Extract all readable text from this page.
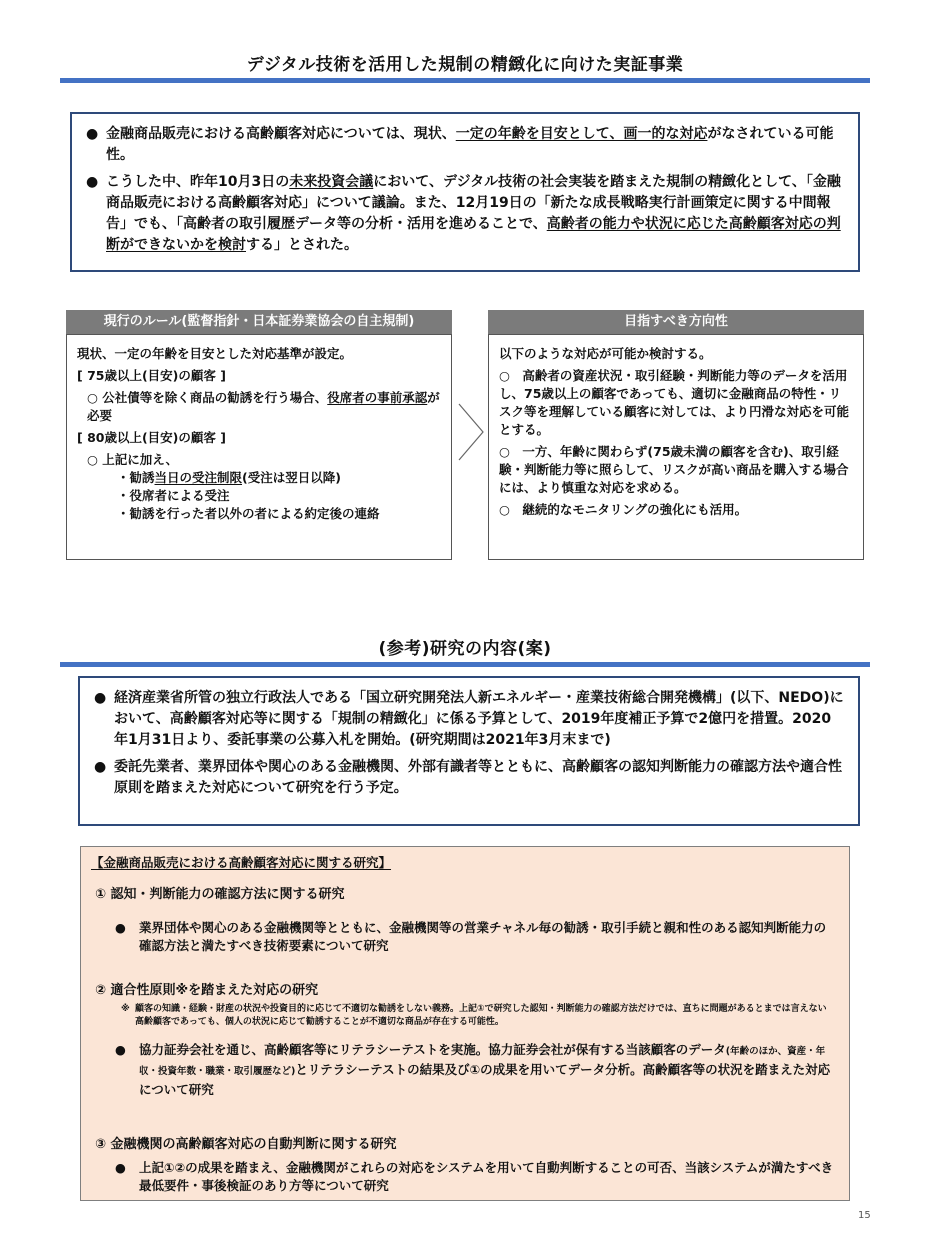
デジタル技術を活用した規制の精緻化に向けた実証事業
● 金融商品販売における高齢顧客対応については、現状、一定の年齢を目安として、画一的な対応がなされている可能性。
● こうした中、昨年10月3日の未来投資会議において、デジタル技術の社会実装を踏まえた規制の精緻化として、「金融商品販売における高齢顧客対応」について議論。また、12月19日の「新たな成長戦略実行計画策定に関する中間報告」でも、「高齢者の取引履歴データ等の分析・活用を進めることで、高齢者の能力や状況に応じた高齢顧客対応の判断ができないかを検討する」とされた。
現行のルール(監督指針・日本証券業協会の自主規制)

現状、一定の年齢を目安とした対応基準が設定。

[ 75歳以上(目安)の顧客 ]

○ 公社債等を除く商品の勧誘を行う場合、役席者の事前承認が必要

[ 80歳以上(目安)の顧客 ]

○ 上記に加え、

・勧誘当日の受注制限(受注は翌日以降)

・役席者による受注

・勧誘を行った者以外の者による約定後の連絡

目指すべき方向性

以下のような対応が可能か検討する。

○　高齢者の資産状況・取引経験・判断能力等のデータを活用し、75歳以上の顧客であっても、適切に金融商品の特性・リスク等を理解している顧客に対しては、より円滑な対応を可能とする。

○　一方、年齢に関わらず(75歳未満の顧客を含む)、取引経験・判断能力等に照らして、リスクが高い商品を購入する場合には、より慎重な対応を求める。

○　継続的なモニタリングの強化にも活用。

(参考)研究の内容(案)
● 経済産業省所管の独立行政法人である「国立研究開発法人新エネルギー・産業技術総合開発機構」(以下、NEDO)において、高齢顧客対応等に関する「規制の精緻化」に係る予算として、2019年度補正予算で2億円を措置。2020年1月31日より、委託事業の公募入札を開始。(研究期間は2021年3月末まで)
● 委託先業者、業界団体や関心のある金融機関、外部有識者等とともに、高齢顧客の認知判断能力の確認方法や適合性原則を踏まえた対応について研究を行う予定。
【金融商品販売における高齢顧客対応に関する研究】
① 認知・判断能力の確認方法に関する研究
● 業界団体や関心のある金融機関等とともに、金融機関等の営業チャネル毎の勧誘・取引手続と親和性のある認知判断能力の確認方法と満たすべき技術要素について研究
② 適合性原則※を踏まえた対応の研究
※ 顧客の知識・経験・財産の状況や投資目的に応じて不適切な勧誘をしない義務。上記①で研究した認知・判断能力の確認方法だけでは、直ちに問題があるとまでは言えない高齢顧客であっても、個人の状況に応じて勧誘することが不適切な商品が存在する可能性。
● 協力証券会社を通じ、高齢顧客等にリテラシーテストを実施。協力証券会社が保有する当該顧客のデータ(年齢のほか、資産・年収・投資年数・職業・取引履歴など)とリテラシーテストの結果及び①の成果を用いてデータ分析。高齢顧客等の状況を踏まえた対応について研究
③ 金融機関の高齢顧客対応の自動判断に関する研究
● 上記①②の成果を踏まえ、金融機関がこれらの対応をシステムを用いて自動判断することの可否、当該システムが満たすべき最低要件・事後検証のあり方等について研究
15
